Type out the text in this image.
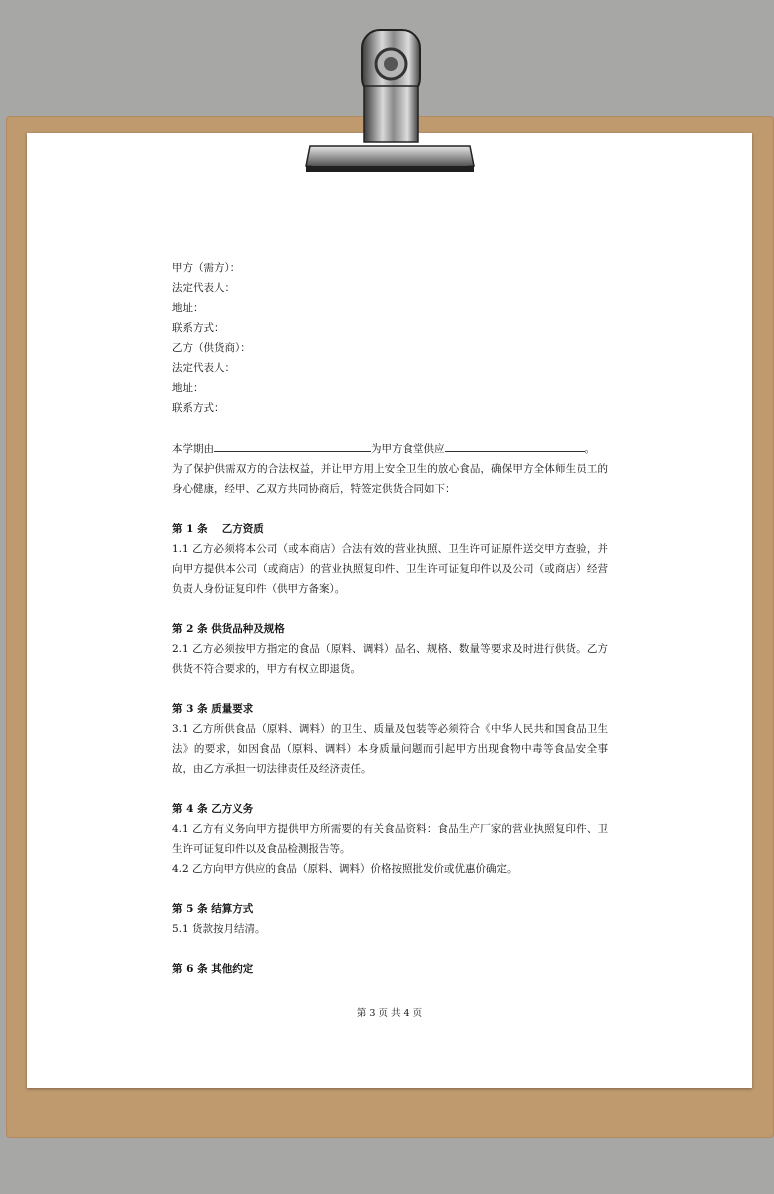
甲方（需方）：
法定代表人：
地址：
联系方式：
乙方（供货商）：
法定代表人：
地址：
联系方式：
本学期由	为甲方食堂供应	。
为了保护供需双方的合法权益，并让甲方用上安全卫生的放心食品，确保甲方全体师生员工的身心健康，经甲、乙双方共同协商后，特签定供货合同如下：
第 1 条　 乙方资质
1.1 乙方必须将本公司（或本商店）合法有效的营业执照、卫生许可证原件送交甲方查验，并向甲方提供本公司（或商店）的营业执照复印件、卫生许可证复印件以及公司（或商店）经营负责人身份证复印件（供甲方备案）。
第 2 条 供货品种及规格
2.1 乙方必须按甲方指定的食品（原料、调料）品名、规格、数量等要求及时进行供货。乙方供货不符合要求的，甲方有权立即退货。
第 3 条 质量要求
3.1 乙方所供食品（原料、调料）的卫生、质量及包装等必须符合《中华人民共和国食品卫生法》的要求，如因食品（原料、调料）本身质量问题而引起甲方出现食物中毒等食品安全事故，由乙方承担一切法律责任及经济责任。
第 4 条 乙方义务
4.1 乙方有义务向甲方提供甲方所需要的有关食品资料：食品生产厂家的营业执照复印件、卫生许可证复印件以及食品检测报告等。
4.2 乙方向甲方供应的食品（原料、调料）价格按照批发价或优惠价确定。
第 5 条 结算方式
5.1 货款按月结清。
第 6 条 其他约定
第 3 页 共 4 页
